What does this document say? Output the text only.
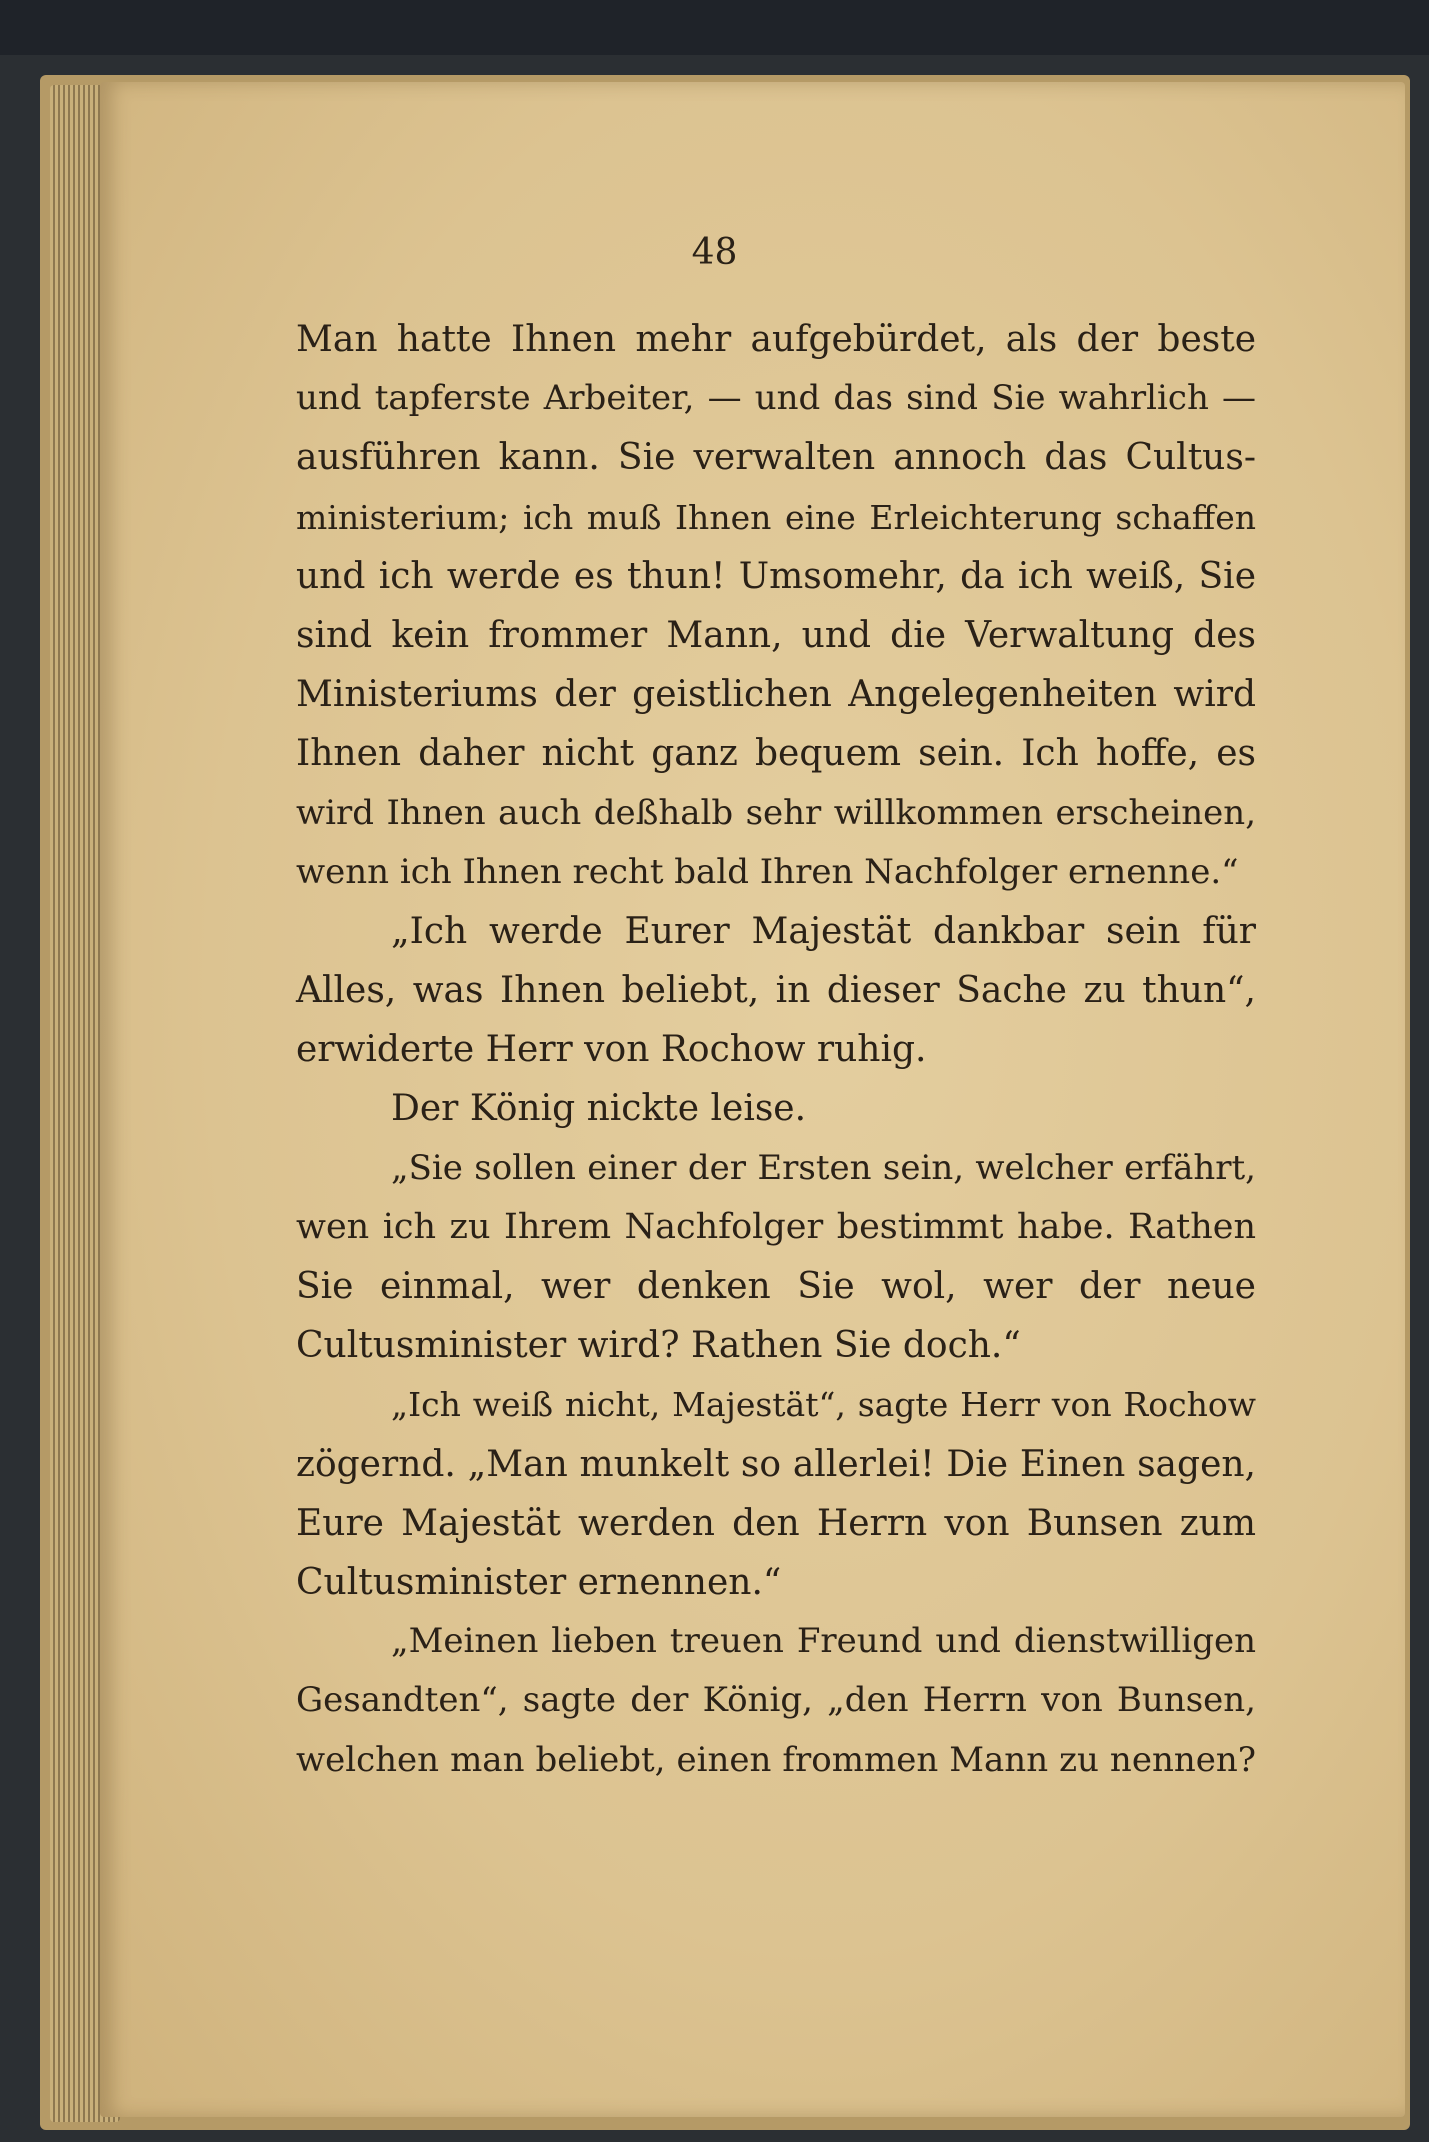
48
Man hatte Ihnen mehr aufgebürdet, als der beste
und tapferste Arbeiter, — und das sind Sie wahrlich —
ausführen kann. Sie verwalten annoch das Cultus-
ministerium; ich muß Ihnen eine Erleichterung schaffen
und ich werde es thun! Umsomehr, da ich weiß, Sie
sind kein frommer Mann, und die Verwaltung des
Ministeriums der geistlichen Angelegenheiten wird
Ihnen daher nicht ganz bequem sein. Ich hoffe, es
wird Ihnen auch deßhalb sehr willkommen erscheinen,
wenn ich Ihnen recht bald Ihren Nachfolger ernenne.“
„Ich werde Eurer Majestät dankbar sein für
Alles, was Ihnen beliebt, in dieser Sache zu thun“,
erwiderte Herr von Rochow ruhig.
Der König nickte leise.
„Sie sollen einer der Ersten sein, welcher erfährt,
wen ich zu Ihrem Nachfolger bestimmt habe. Rathen
Sie einmal, wer denken Sie wol, wer der neue
Cultusminister wird? Rathen Sie doch.“
„Ich weiß nicht, Majestät“, sagte Herr von Rochow
zögernd. „Man munkelt so allerlei! Die Einen sagen,
Eure Majestät werden den Herrn von Bunsen zum
Cultusminister ernennen.“
„Meinen lieben treuen Freund und dienstwilligen
Gesandten“, sagte der König, „den Herrn von Bunsen,
welchen man beliebt, einen frommen Mann zu nennen?
